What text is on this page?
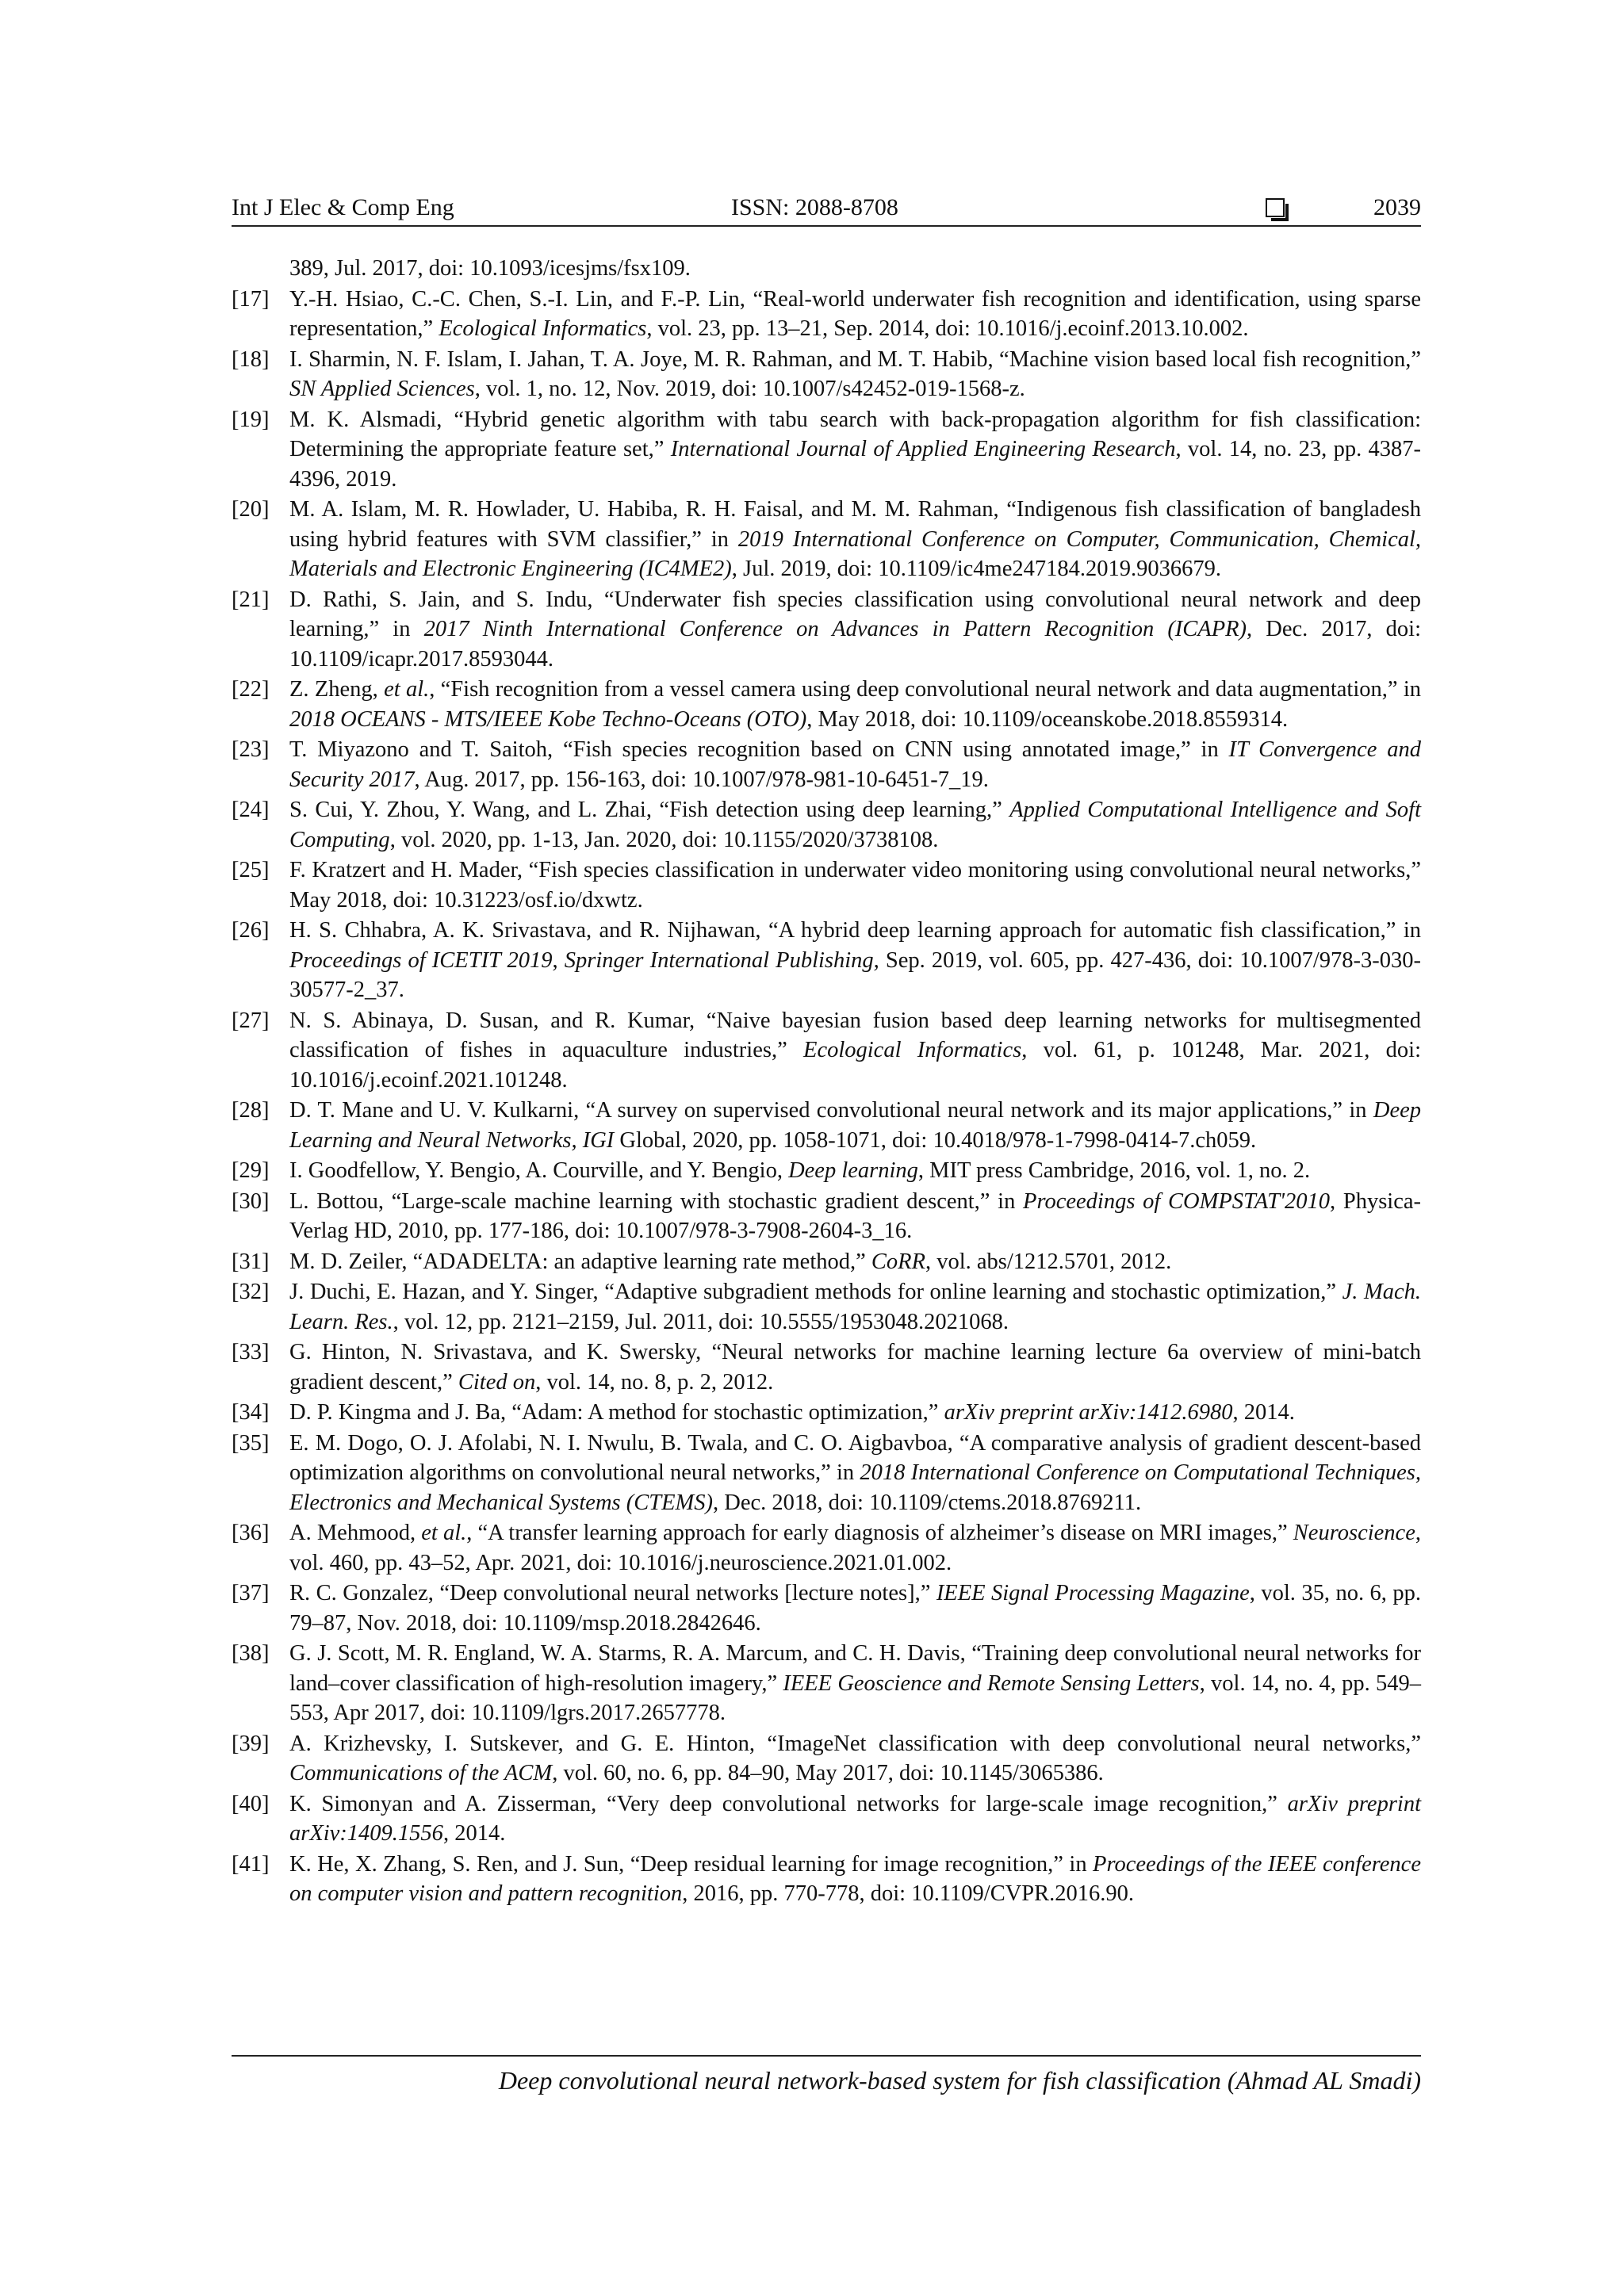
Int J Elec & Comp Eng	ISSN: 2088-8708	2039
389, Jul. 2017, doi: 10.1093/icesjms/fsx109.
[17] Y.-H. Hsiao, C.-C. Chen, S.-I. Lin, and F.-P. Lin, “Real-world underwater fish recognition and identification, using sparse representation,” Ecological Informatics, vol. 23, pp. 13–21, Sep. 2014, doi: 10.1016/j.ecoinf.2013.10.002.
[18] I. Sharmin, N. F. Islam, I. Jahan, T. A. Joye, M. R. Rahman, and M. T. Habib, “Machine vision based local fish recognition,” SN Applied Sciences, vol. 1, no. 12, Nov. 2019, doi: 10.1007/s42452-019-1568-z.
[19] M. K. Alsmadi, “Hybrid genetic algorithm with tabu search with back-propagation algorithm for fish classification: Determining the appropriate feature set,” International Journal of Applied Engineering Research, vol. 14, no. 23, pp. 4387-4396, 2019.
[20] M. A. Islam, M. R. Howlader, U. Habiba, R. H. Faisal, and M. M. Rahman, “Indigenous fish classification of bangladesh using hybrid features with SVM classifier,” in 2019 International Conference on Computer, Communication, Chemical, Materials and Electronic Engineering (IC4ME2), Jul. 2019, doi: 10.1109/ic4me247184.2019.9036679.
[21] D. Rathi, S. Jain, and S. Indu, “Underwater fish species classification using convolutional neural network and deep learning,” in 2017 Ninth International Conference on Advances in Pattern Recognition (ICAPR), Dec. 2017, doi: 10.1109/icapr.2017.8593044.
[22] Z. Zheng, et al., “Fish recognition from a vessel camera using deep convolutional neural network and data augmentation,” in 2018 OCEANS - MTS/IEEE Kobe Techno-Oceans (OTO), May 2018, doi: 10.1109/oceanskobe.2018.8559314.
[23] T. Miyazono and T. Saitoh, “Fish species recognition based on CNN using annotated image,” in IT Convergence and Security 2017, Aug. 2017, pp. 156-163, doi: 10.1007/978-981-10-6451-7_19.
[24] S. Cui, Y. Zhou, Y. Wang, and L. Zhai, “Fish detection using deep learning,” Applied Computational Intelligence and Soft Computing, vol. 2020, pp. 1-13, Jan. 2020, doi: 10.1155/2020/3738108.
[25] F. Kratzert and H. Mader, “Fish species classification in underwater video monitoring using convolutional neural networks,” May 2018, doi: 10.31223/osf.io/dxwtz.
[26] H. S. Chhabra, A. K. Srivastava, and R. Nijhawan, “A hybrid deep learning approach for automatic fish classification,” in Proceedings of ICETIT 2019, Springer International Publishing, Sep. 2019, vol. 605, pp. 427-436, doi: 10.1007/978-3-030-30577-2_37.
[27] N. S. Abinaya, D. Susan, and R. Kumar, “Naive bayesian fusion based deep learning networks for multisegmented classification of fishes in aquaculture industries,” Ecological Informatics, vol. 61, p. 101248, Mar. 2021, doi: 10.1016/j.ecoinf.2021.101248.
[28] D. T. Mane and U. V. Kulkarni, “A survey on supervised convolutional neural network and its major applications,” in Deep Learning and Neural Networks, IGI Global, 2020, pp. 1058-1071, doi: 10.4018/978-1-7998-0414-7.ch059.
[29] I. Goodfellow, Y. Bengio, A. Courville, and Y. Bengio, Deep learning, MIT press Cambridge, 2016, vol. 1, no. 2.
[30] L. Bottou, “Large-scale machine learning with stochastic gradient descent,” in Proceedings of COMPSTAT'2010, Physica-Verlag HD, 2010, pp. 177-186, doi: 10.1007/978-3-7908-2604-3_16.
[31] M. D. Zeiler, “ADADELTA: an adaptive learning rate method,” CoRR, vol. abs/1212.5701, 2012.
[32] J. Duchi, E. Hazan, and Y. Singer, “Adaptive subgradient methods for online learning and stochastic optimization,” J. Mach. Learn. Res., vol. 12, pp. 2121–2159, Jul. 2011, doi: 10.5555/1953048.2021068.
[33] G. Hinton, N. Srivastava, and K. Swersky, “Neural networks for machine learning lecture 6a overview of mini-batch gradient descent,” Cited on, vol. 14, no. 8, p. 2, 2012.
[34] D. P. Kingma and J. Ba, “Adam: A method for stochastic optimization,” arXiv preprint arXiv:1412.6980, 2014.
[35] E. M. Dogo, O. J. Afolabi, N. I. Nwulu, B. Twala, and C. O. Aigbavboa, “A comparative analysis of gradient descent-based optimization algorithms on convolutional neural networks,” in 2018 International Conference on Computational Techniques, Electronics and Mechanical Systems (CTEMS), Dec. 2018, doi: 10.1109/ctems.2018.8769211.
[36] A. Mehmood, et al., “A transfer learning approach for early diagnosis of alzheimer’s disease on MRI images,” Neuroscience, vol. 460, pp. 43–52, Apr. 2021, doi: 10.1016/j.neuroscience.2021.01.002.
[37] R. C. Gonzalez, “Deep convolutional neural networks [lecture notes],” IEEE Signal Processing Magazine, vol. 35, no. 6, pp. 79–87, Nov. 2018, doi: 10.1109/msp.2018.2842646.
[38] G. J. Scott, M. R. England, W. A. Starms, R. A. Marcum, and C. H. Davis, “Training deep convolutional neural networks for land–cover classification of high-resolution imagery,” IEEE Geoscience and Remote Sensing Letters, vol. 14, no. 4, pp. 549–553, Apr 2017, doi: 10.1109/lgrs.2017.2657778.
[39] A. Krizhevsky, I. Sutskever, and G. E. Hinton, “ImageNet classification with deep convolutional neural networks,” Communications of the ACM, vol. 60, no. 6, pp. 84–90, May 2017, doi: 10.1145/3065386.
[40] K. Simonyan and A. Zisserman, “Very deep convolutional networks for large-scale image recognition,” arXiv preprint arXiv:1409.1556, 2014.
[41] K. He, X. Zhang, S. Ren, and J. Sun, “Deep residual learning for image recognition,” in Proceedings of the IEEE conference on computer vision and pattern recognition, 2016, pp. 770-778, doi: 10.1109/CVPR.2016.90.
Deep convolutional neural network-based system for fish classification (Ahmad AL Smadi)
